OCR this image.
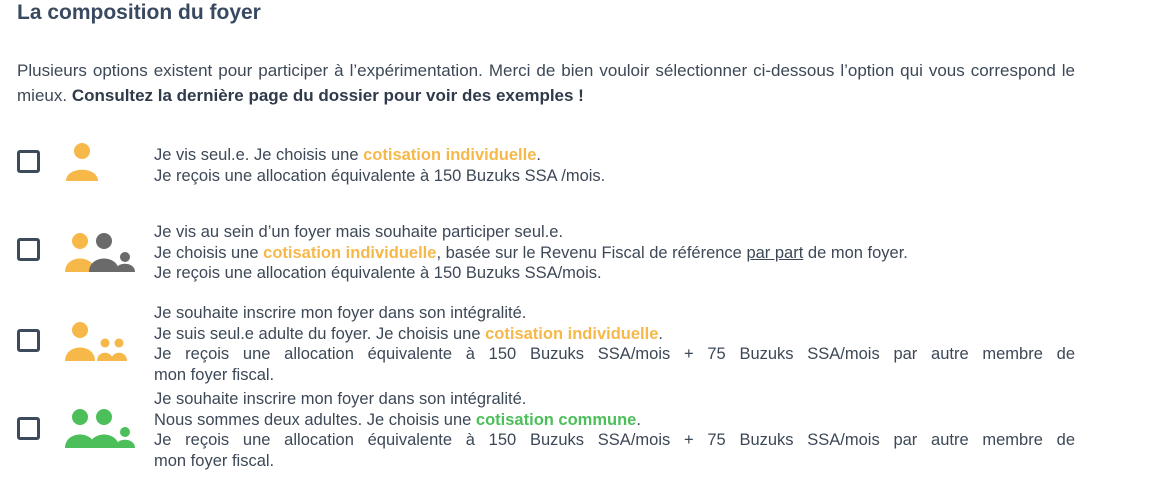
La composition du foyer

Plusieurs options existent pour participer à l’expérimentation. Merci de bien vouloir sélectionner ci-dessous l’option qui vous correspond le mieux. Consultez la dernière page du dossier pour voir des exemples !

Je vis seul.e. Je choisis une cotisation individuelle.
Je reçois une allocation équivalente à 150 Buzuks SSA /mois.
Je vis au sein d’un foyer mais souhaite participer seul.e.
Je choisis une cotisation individuelle, basée sur le Revenu Fiscal de référence par part de mon foyer.
Je reçois une allocation équivalente à 150 Buzuks SSA/mois.
Je souhaite inscrire mon foyer dans son intégralité.
Je suis seul.e adulte du foyer. Je choisis une cotisation individuelle.
Je reçois une allocation équivalente à 150 Buzuks SSA/mois + 75 Buzuks SSA/mois par autre membre de
mon foyer fiscal.
Je souhaite inscrire mon foyer dans son intégralité.
Nous sommes deux adultes. Je choisis une cotisation commune.
Je reçois une allocation équivalente à 150 Buzuks SSA/mois + 75 Buzuks SSA/mois par autre membre de
mon foyer fiscal.
